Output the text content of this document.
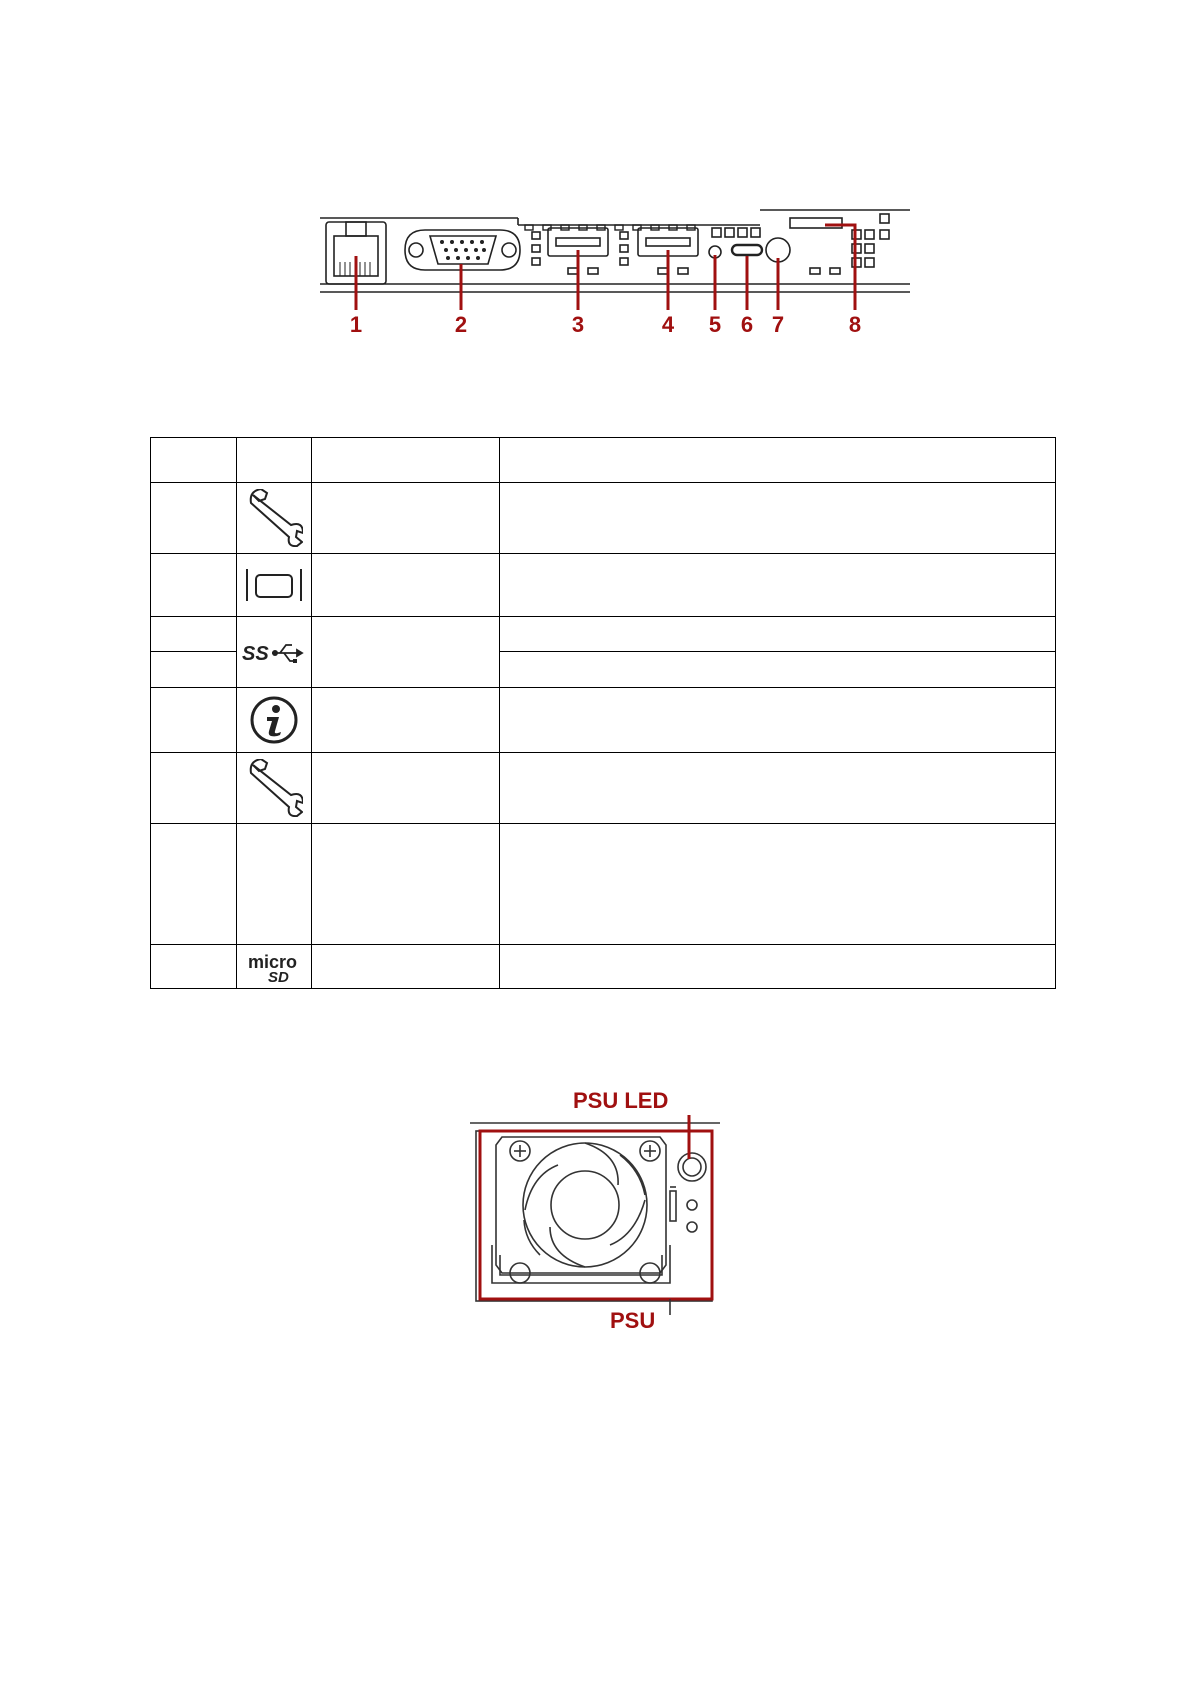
1	2	3	4 5 6 7	8

SS		

micro
SD		

PSU LED
PSU
